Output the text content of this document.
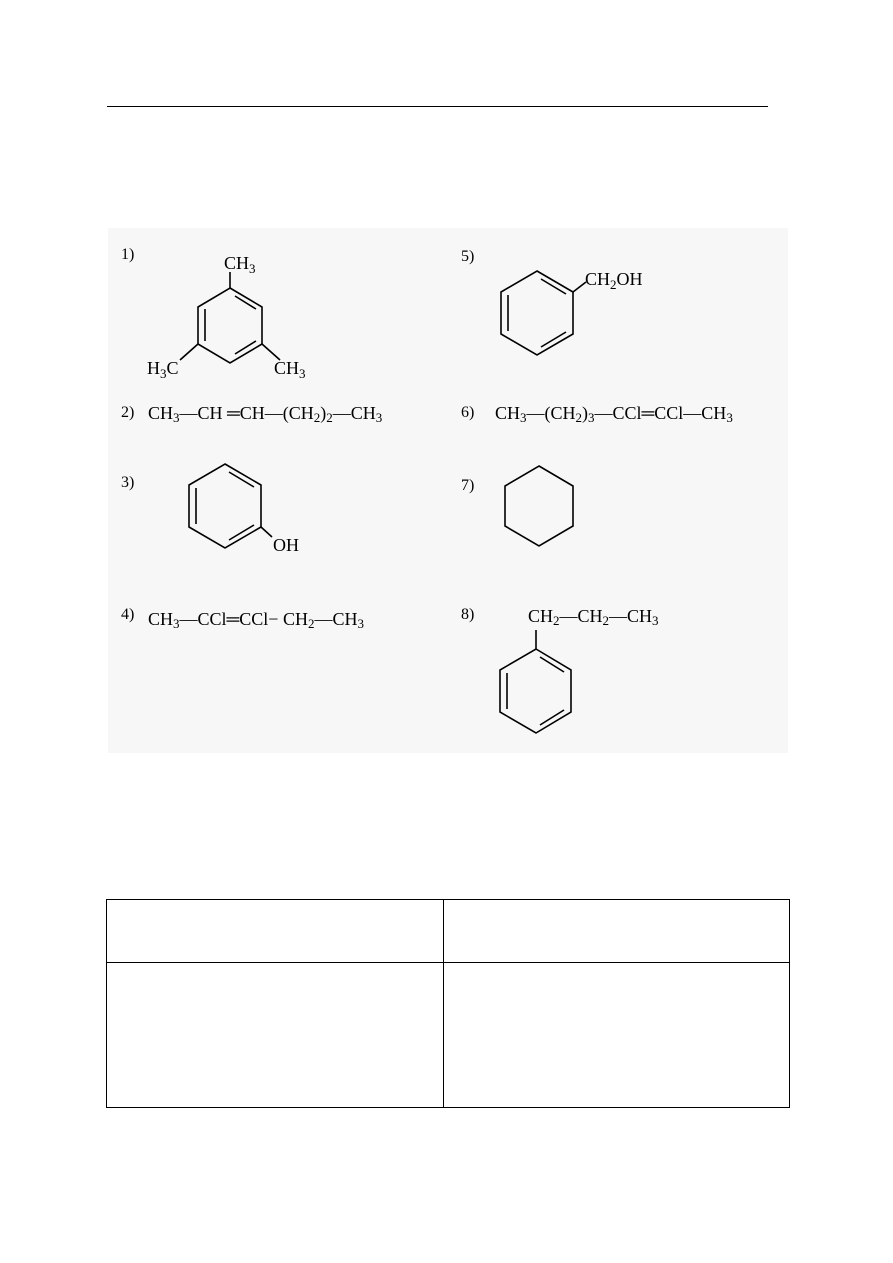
1)	$CH_3$
$H_3C$	$CH_3$
2) $CH_3—CH$ $═CH—(CH_2)_2—CH_3$
3)
OH
4) $CH_3—CCl═CCl-$ $CH_2—CH_3$
5)
$CH_2OH$
6) $CH_3—(CH_2)_3—CCl═CCl—CH_3$
7)
8)	$CH_2—CH_2—CH_3$
